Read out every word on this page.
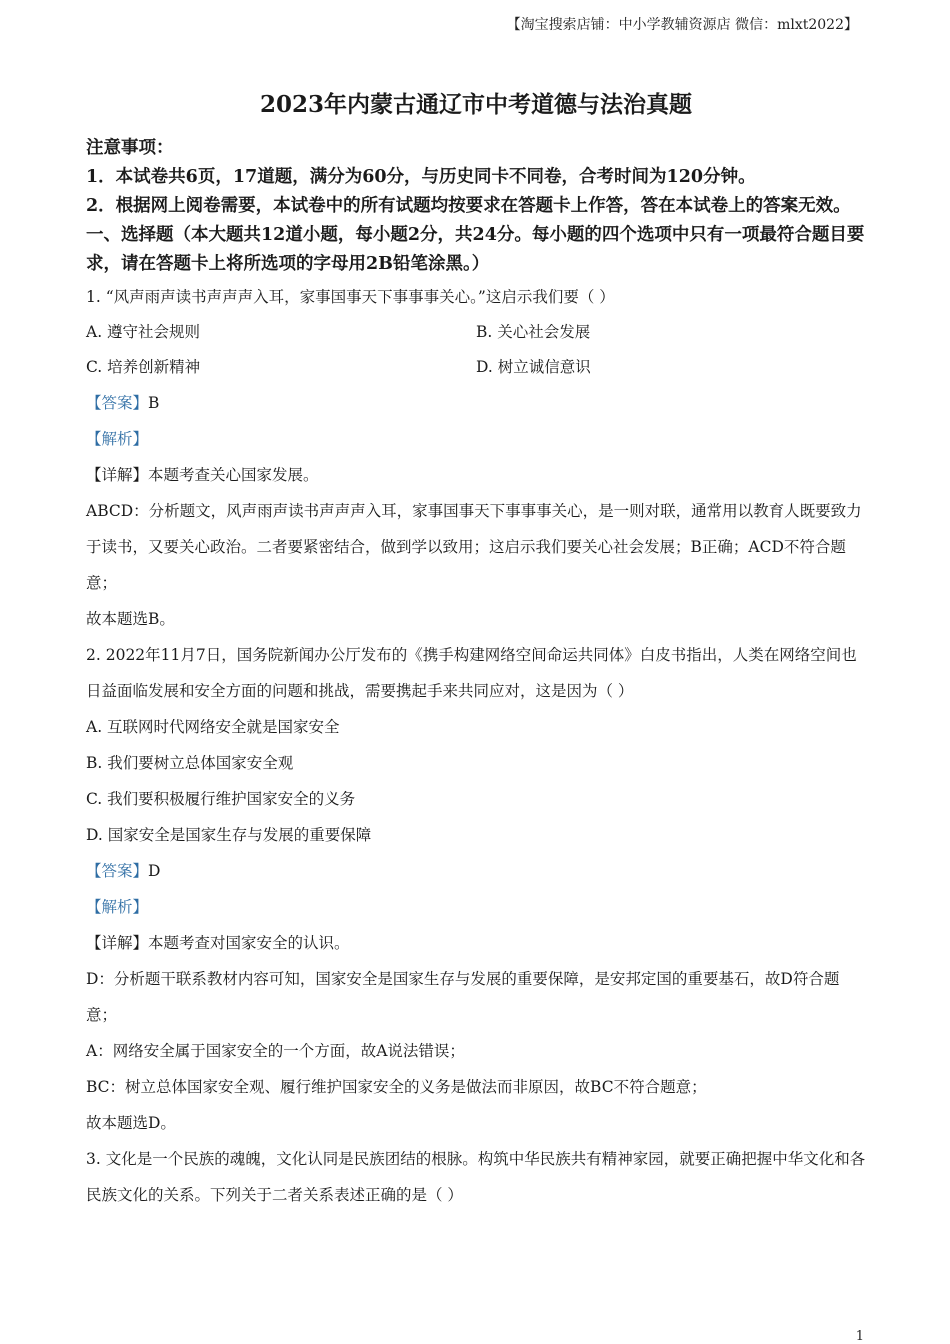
【淘宝搜索店铺：中小学教辅资源店 微信：mlxt2022】
2023年内蒙古通辽市中考道德与法治真题
注意事项：
1．本试卷共6页，17道题，满分为60分，与历史同卡不同卷，合考时间为120分钟。
2．根据网上阅卷需要，本试卷中的所有试题均按要求在答题卡上作答，答在本试卷上的答案无效。
一、选择题（本大题共12道小题，每小题2分，共24分。每小题的四个选项中只有一项最符合题目要求，请在答题卡上将所选项的字母用2B铅笔涂黑。）
1. “风声雨声读书声声声入耳，家事国事天下事事事关心。”这启示我们要（ ）
A. 遵守社会规则	B. 关心社会发展
C. 培养创新精神	D. 树立诚信意识
【答案】B
【解析】
【详解】本题考查关心国家发展。
ABCD：分析题文，风声雨声读书声声声入耳，家事国事天下事事事关心，是一则对联，通常用以教育人既要致力于读书，又要关心政治。二者要紧密结合，做到学以致用；这启示我们要关心社会发展；B正确；ACD不符合题意；
故本题选B。
2. 2022年11月7日，国务院新闻办公厅发布的《携手构建网络空间命运共同体》白皮书指出，人类在网络空间也日益面临发展和安全方面的问题和挑战，需要携起手来共同应对，这是因为（ ）
A. 互联网时代网络安全就是国家安全
B. 我们要树立总体国家安全观
C. 我们要积极履行维护国家安全的义务
D. 国家安全是国家生存与发展的重要保障
【答案】D
【解析】
【详解】本题考查对国家安全的认识。
D：分析题干联系教材内容可知，国家安全是国家生存与发展的重要保障，是安邦定国的重要基石，故D符合题意；
A：网络安全属于国家安全的一个方面，故A说法错误；
BC：树立总体国家安全观、履行维护国家安全的义务是做法而非原因，故BC不符合题意；
故本题选D。
3. 文化是一个民族的魂魄，文化认同是民族团结的根脉。构筑中华民族共有精神家园，就要正确把握中华文化和各民族文化的关系。下列关于二者关系表述正确的是（ ）
1
